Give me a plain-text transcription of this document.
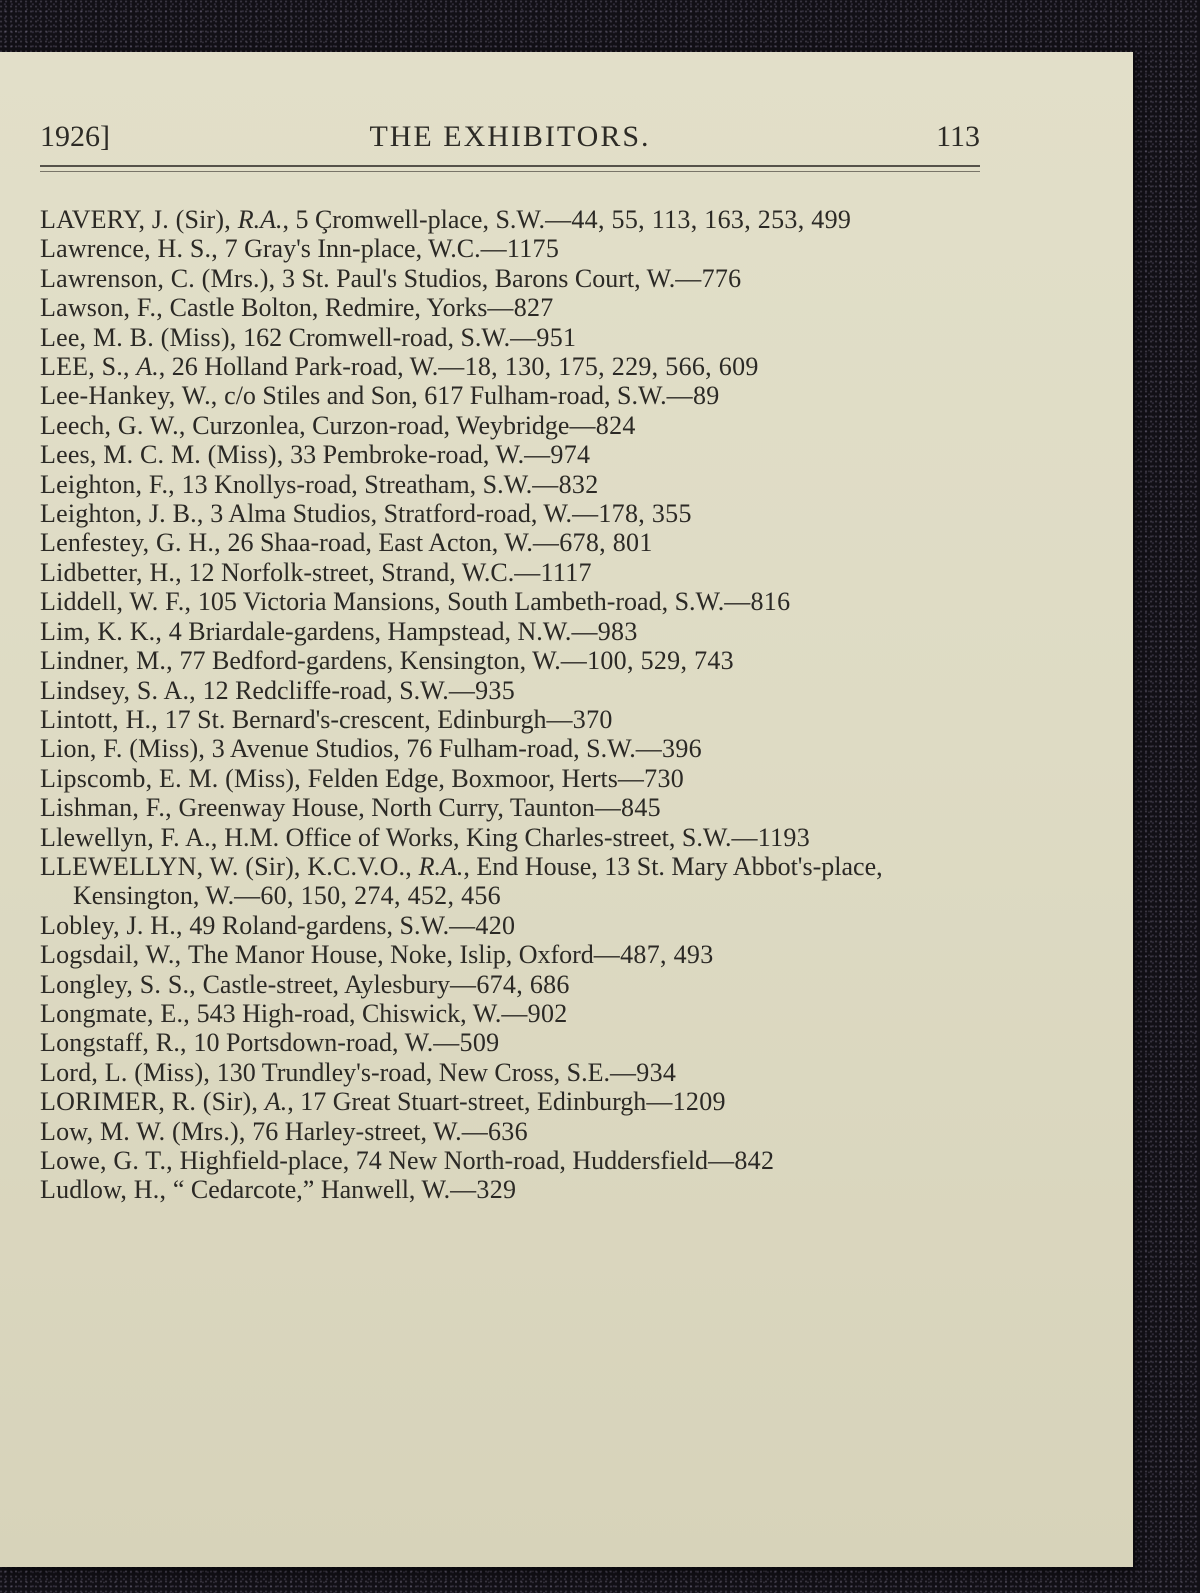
1926]	THE EXHIBITORS.	113
LAVERY, J. (Sir), R.A., 5 Çromwell-place, S.W.—44, 55, 113, 163, 253, 499
Lawrence, H. S., 7 Gray's Inn-place, W.C.—1175
Lawrenson, C. (Mrs.), 3 St. Paul's Studios, Barons Court, W.—776
Lawson, F., Castle Bolton, Redmire, Yorks—827
Lee, M. B. (Miss), 162 Cromwell-road, S.W.—951
LEE, S., A., 26 Holland Park-road, W.—18, 130, 175, 229, 566, 609
Lee-Hankey, W., c/o Stiles and Son, 617 Fulham-road, S.W.—89
Leech, G. W., Curzonlea, Curzon-road, Weybridge—824
Lees, M. C. M. (Miss), 33 Pembroke-road, W.—974
Leighton, F., 13 Knollys-road, Streatham, S.W.—832
Leighton, J. B., 3 Alma Studios, Stratford-road, W.—178, 355
Lenfestey, G. H., 26 Shaa-road, East Acton, W.—678, 801
Lidbetter, H., 12 Norfolk-street, Strand, W.C.—1117
Liddell, W. F., 105 Victoria Mansions, South Lambeth-road, S.W.—816
Lim, K. K., 4 Briardale-gardens, Hampstead, N.W.—983
Lindner, M., 77 Bedford-gardens, Kensington, W.—100, 529, 743
Lindsey, S. A., 12 Redcliffe-road, S.W.—935
Lintott, H., 17 St. Bernard's-crescent, Edinburgh—370
Lion, F. (Miss), 3 Avenue Studios, 76 Fulham-road, S.W.—396
Lipscomb, E. M. (Miss), Felden Edge, Boxmoor, Herts—730
Lishman, F., Greenway House, North Curry, Taunton—845
Llewellyn, F. A., H.M. Office of Works, King Charles-street, S.W.—1193
LLEWELLYN, W. (Sir), K.C.V.O., R.A., End House, 13 St. Mary Abbot's-place, Kensington, W.—60, 150, 274, 452, 456
Lobley, J. H., 49 Roland-gardens, S.W.—420
Logsdail, W., The Manor House, Noke, Islip, Oxford—487, 493
Longley, S. S., Castle-street, Aylesbury—674, 686
Longmate, E., 543 High-road, Chiswick, W.—902
Longstaff, R., 10 Portsdown-road, W.—509
Lord, L. (Miss), 130 Trundley's-road, New Cross, S.E.—934
LORIMER, R. (Sir), A., 17 Great Stuart-street, Edinburgh—1209
Low, M. W. (Mrs.), 76 Harley-street, W.—636
Lowe, G. T., Highfield-place, 74 New North-road, Huddersfield—842
Ludlow, H., “ Cedarcote,” Hanwell, W.—329
